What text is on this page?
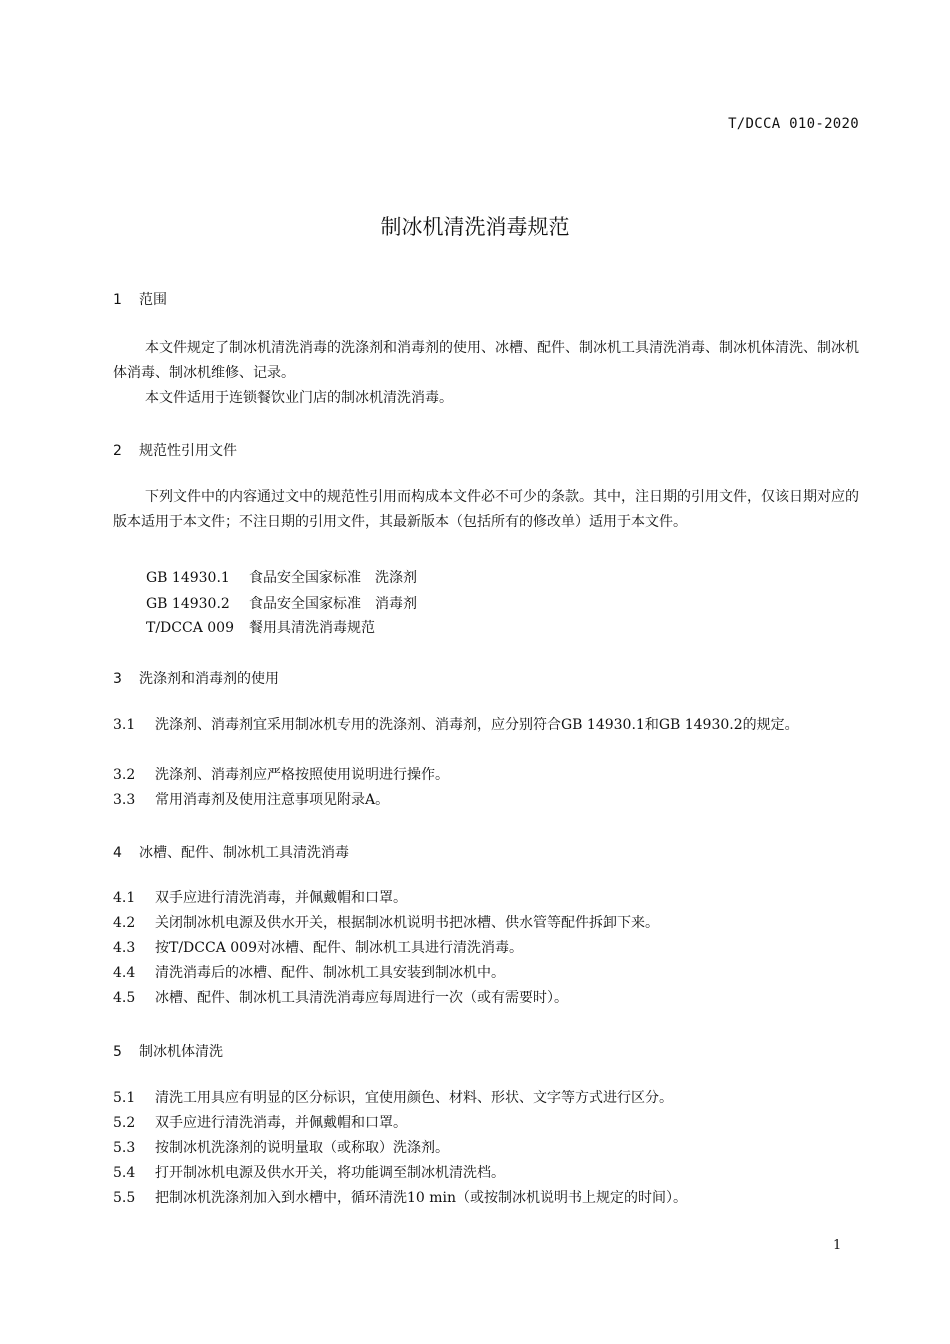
T/DCCA 010-2020
制冰机清洗消毒规范
1 范围
本文件规定了制冰机清洗消毒的洗涤剂和消毒剂的使用、冰槽、配件、制冰机工具清洗消毒、制冰机体清洗、制冰机体消毒、制冰机维修、记录。
本文件适用于连锁餐饮业门店的制冰机清洗消毒。
2 规范性引用文件
下列文件中的内容通过文中的规范性引用而构成本文件必不可少的条款。其中，注日期的引用文件，仅该日期对应的版本适用于本文件；不注日期的引用文件，其最新版本（包括所有的修改单）适用于本文件。
GB 14930.1 食品安全国家标准　洗涤剂
GB 14930.2 食品安全国家标准　消毒剂
T/DCCA 009 餐用具清洗消毒规范
3 洗涤剂和消毒剂的使用
3.1 洗涤剂、消毒剂宜采用制冰机专用的洗涤剂、消毒剂，应分别符合GB 14930.1和GB 14930.2的规定。
3.2 洗涤剂、消毒剂应严格按照使用说明进行操作。
3.3 常用消毒剂及使用注意事项见附录A。
4 冰槽、配件、制冰机工具清洗消毒
4.1 双手应进行清洗消毒，并佩戴帽和口罩。
4.2 关闭制冰机电源及供水开关，根据制冰机说明书把冰槽、供水管等配件拆卸下来。
4.3 按T/DCCA 009对冰槽、配件、制冰机工具进行清洗消毒。
4.4 清洗消毒后的冰槽、配件、制冰机工具安装到制冰机中。
4.5 冰槽、配件、制冰机工具清洗消毒应每周进行一次（或有需要时）。
5 制冰机体清洗
5.1 清洗工用具应有明显的区分标识，宜使用颜色、材料、形状、文字等方式进行区分。
5.2 双手应进行清洗消毒，并佩戴帽和口罩。
5.3 按制冰机洗涤剂的说明量取（或称取）洗涤剂。
5.4 打开制冰机电源及供水开关，将功能调至制冰机清洗档。
5.5 把制冰机洗涤剂加入到水槽中，循环清洗10 min（或按制冰机说明书上规定的时间）。
1
